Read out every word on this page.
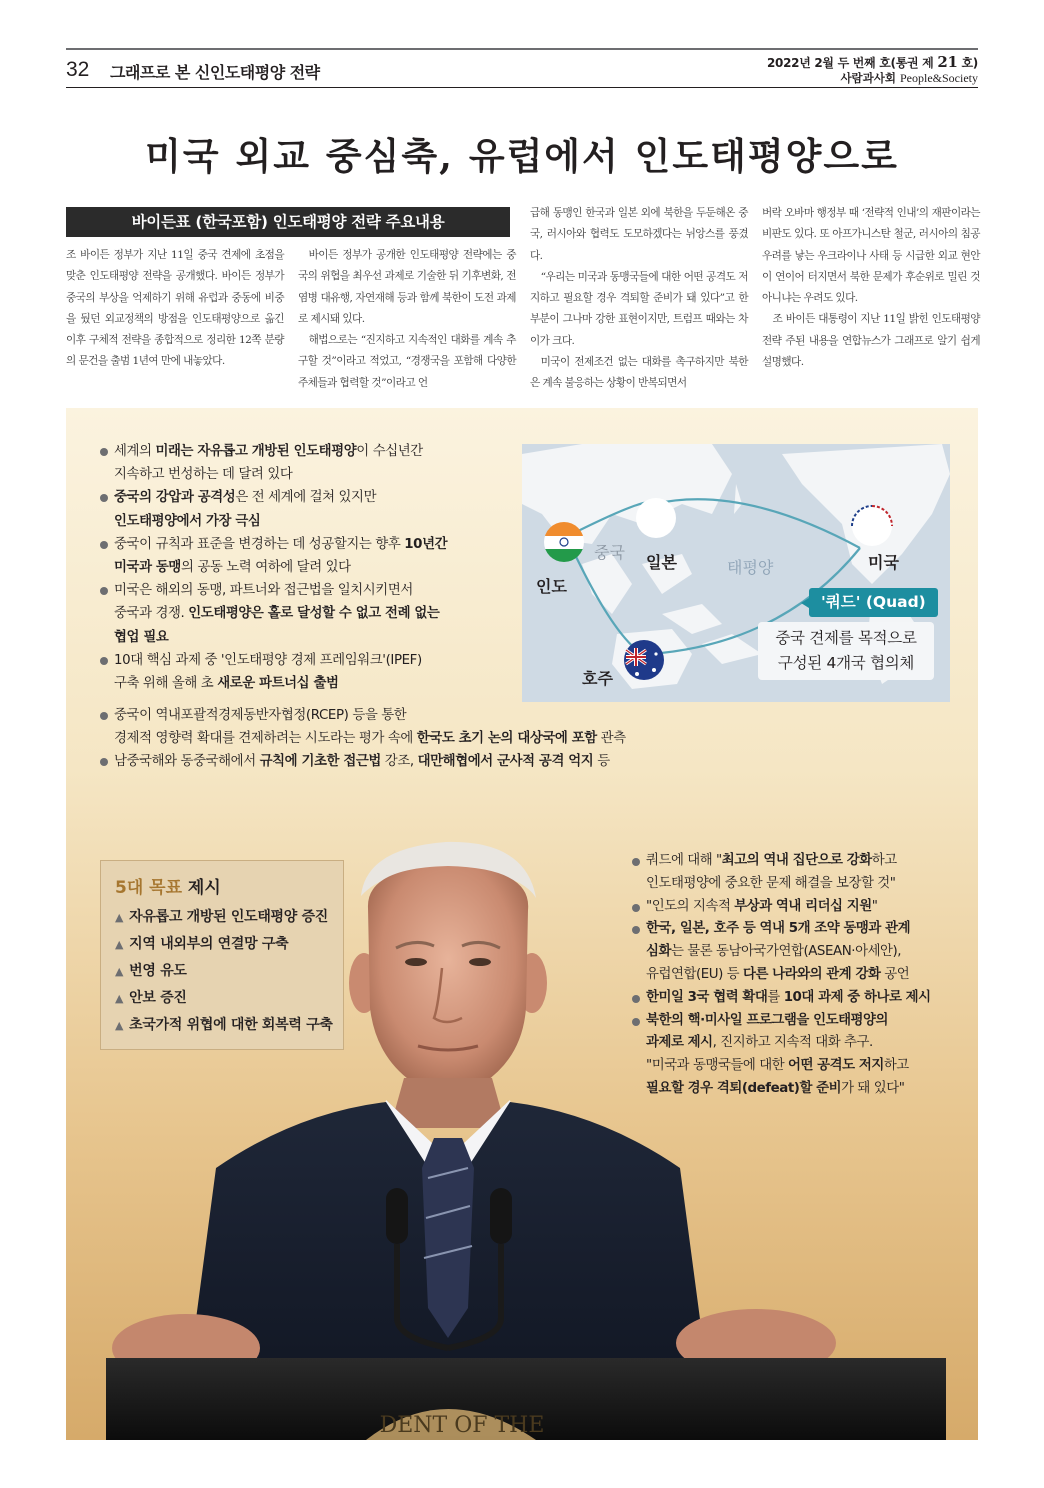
32 그래프로 본 신인도태평양 전략	2022년 2월 두 번째 호(통권 제 21 호)
사람과사회 People&Society
미국 외교 중심축, 유럽에서 인도태평양으로
바이든표 (한국포함) 인도태평양 전략 주요내용

조 바이든 정부가 지난 11일 중국 견제에 초점을 맞춘 인도태평양 전략을 공개했다. 바이든 정부가 중국의 부상을 억제하기 위해 유럽과 중동에 비중을 뒀던 외교정책의 방점을 인도태평양으로 옮긴 이후 구체적 전략을 종합적으로 정리한 12쪽 분량의 문건을 출범 1년여 만에 내놓았다.

바이든 정부가 공개한 인도태평양 전략에는 중국의 위협을 최우선 과제로 기술한 뒤 기후변화, 전염병 대유행, 자연재해 등과 함께 북한이 도전 과제로 제시돼 있다.

해법으로는 “진지하고 지속적인 대화를 계속 추구할 것”이라고 적었고, “경쟁국을 포함해 다양한 주체들과 협력할 것”이라고 언

급해 동맹인 한국과 일본 외에 북한을 두둔해온 중국, 러시아와 협력도 도모하겠다는 뉘앙스를 풍겼다.

“우리는 미국과 동맹국들에 대한 어떤 공격도 저지하고 필요할 경우 격퇴할 준비가 돼 있다”고 한 부분이 그나마 강한 표현이지만, 트럼프 때와는 차이가 크다.

미국이 전제조건 없는 대화를 촉구하지만 북한은 계속 불응하는 상황이 반복되면서

버락 오바마 행정부 때 ‘전략적 인내’의 재판이라는 비판도 있다. 또 아프가니스탄 철군, 러시아의 침공 우려를 낳는 우크라이나 사태 등 시급한 외교 현안이 연이어 터지면서 북한 문제가 후순위로 밀린 것 아니냐는 우려도 있다.

조 바이든 대통령이 지난 11일 밝힌 인도태평양 전략 주된 내용을 연합뉴스가 그래프로 알기 쉽게 설명했다.

DENT OF THE
세계의 미래는 자유롭고 개방된 인도태평양이 수십년간
지속하고 번성하는 데 달려 있다
중국의 강압과 공격성은 전 세계에 걸쳐 있지만
인도태평양에서 가장 극심
중국이 규칙과 표준을 변경하는 데 성공할지는 향후 10년간
미국과 동맹의 공동 노력 여하에 달려 있다
미국은 해외의 동맹, 파트너와 접근법을 일치시키면서
중국과 경쟁. 인도태평양은 홀로 달성할 수 없고 전례 없는
협업 필요
10대 핵심 과제 중 '인도태평양 경제 프레임워크'(IPEF)
구축 위해 올해 초 새로운 파트너십 출범
중국
일본
인도
미국
호주
태평양
'쿼드' (Quad)
중국 견제를 목적으로
구성된 4개국 협의체
중국이 역내포괄적경제동반자협정(RCEP) 등을 통한
경제적 영향력 확대를 견제하려는 시도라는 평가 속에 한국도 초기 논의 대상국에 포함 관측
남중국해와 동중국해에서 규칙에 기초한 접근법 강조, 대만해협에서 군사적 공격 억지 등
5대 목표 제시
▲ 자유롭고 개방된 인도태평양 증진
▲ 지역 내외부의 연결망 구축
▲ 번영 유도
▲ 안보 증진
▲ 초국가적 위협에 대한 회복력 구축
쿼드에 대해 "최고의 역내 집단으로 강화하고
인도태평양에 중요한 문제 해결을 보장할 것"
"인도의 지속적 부상과 역내 리더십 지원"
한국, 일본, 호주 등 역내 5개 조약 동맹과 관계
심화는 물론 동남아국가연합(ASEAN·아세안),
유럽연합(EU) 등 다른 나라와의 관계 강화 공언
한미일 3국 협력 확대를 10대 과제 중 하나로 제시
북한의 핵·미사일 프로그램을 인도태평양의
과제로 제시, 진지하고 지속적 대화 추구.
"미국과 동맹국들에 대한 어떤 공격도 저지하고
필요할 경우 격퇴(defeat)할 준비가 돼 있다"
